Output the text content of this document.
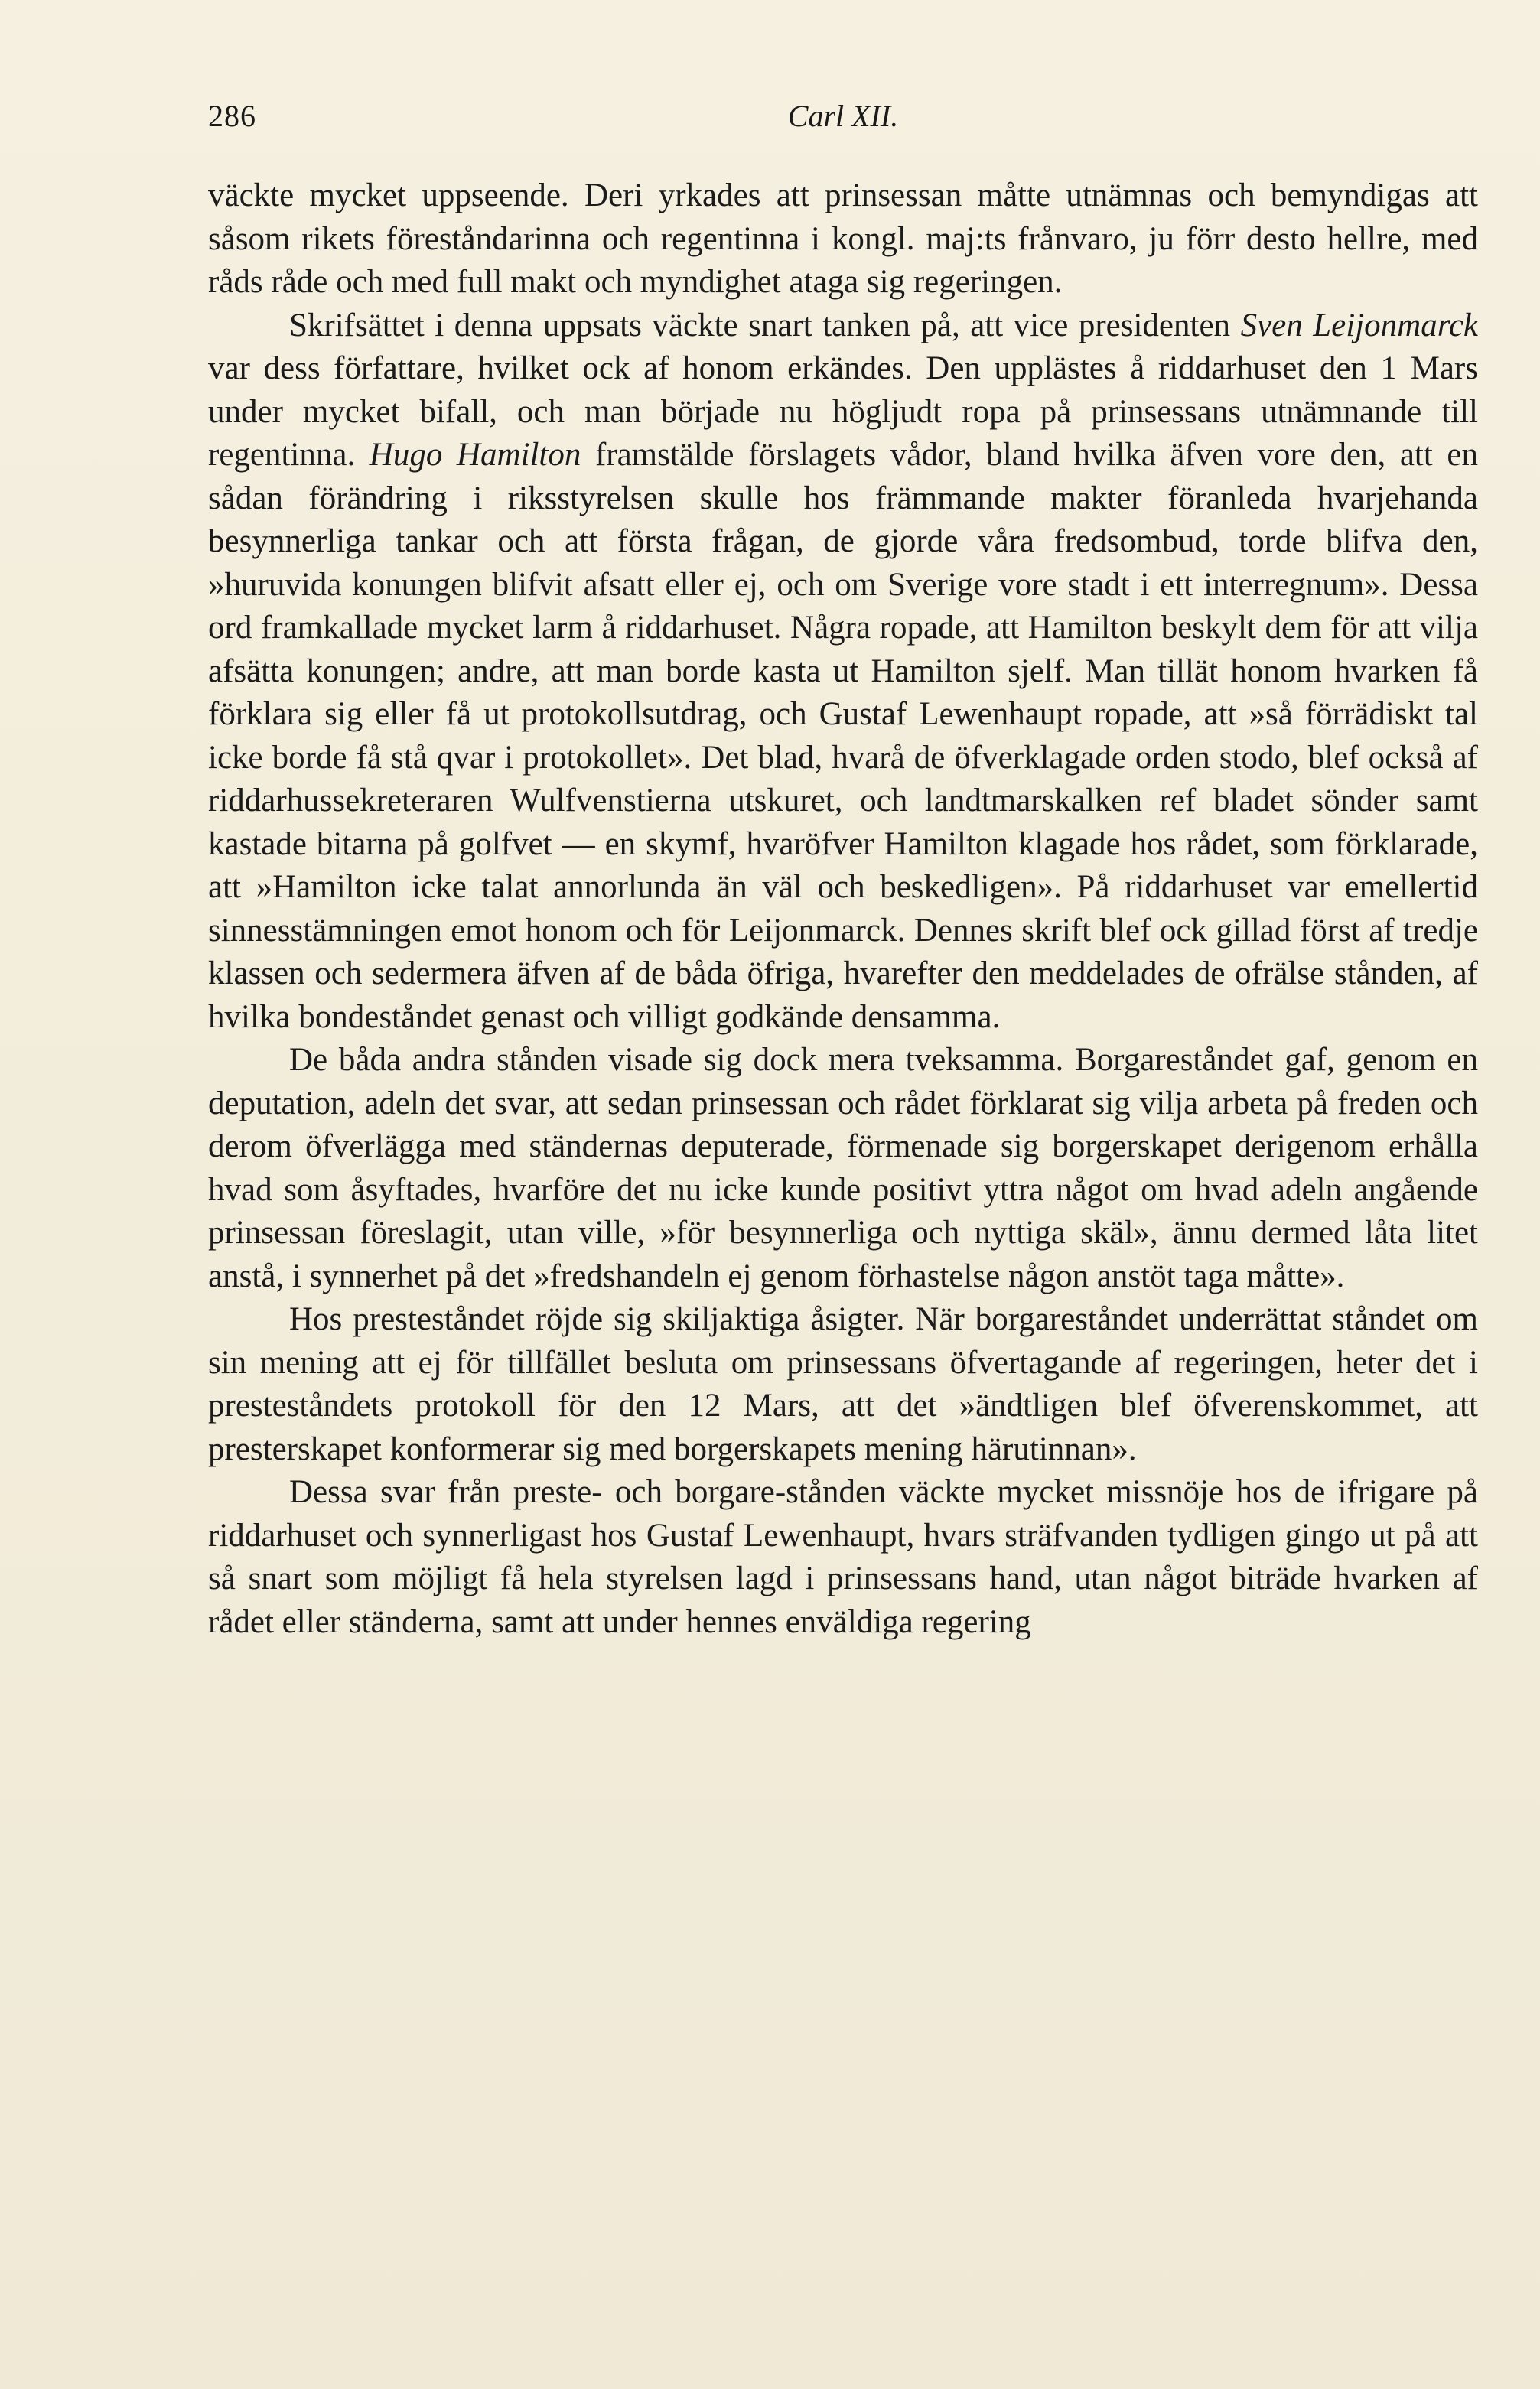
286	Carl XII.

väckte mycket uppseende. Deri yrkades att prinsessan måtte utnämnas och bemyndigas att såsom rikets föreståndarinna och regentinna i kongl. maj:ts frånvaro, ju förr desto hellre, med råds råde och med full makt och myndighet ataga sig regeringen.

Skrifsättet i denna uppsats väckte snart tanken på, att vice presidenten Sven Leijonmarck var dess författare, hvilket ock af honom erkändes. Den upplästes å riddarhuset den 1 Mars under mycket bifall, och man började nu högljudt ropa på prinsessans utnämnande till regentinna. Hugo Hamilton framstälde förslagets vådor, bland hvilka äfven vore den, att en sådan förändring i riksstyrelsen skulle hos främmande makter föranleda hvarjehanda besynnerliga tankar och att första frågan, de gjorde våra fredsombud, torde blifva den, »huruvida konungen blifvit afsatt eller ej, och om Sverige vore stadt i ett interregnum». Dessa ord framkallade mycket larm å riddarhuset. Några ropade, att Hamilton beskylt dem för att vilja afsätta konungen; andre, att man borde kasta ut Hamilton sjelf. Man tillät honom hvarken få förklara sig eller få ut protokollsutdrag, och Gustaf Lewenhaupt ropade, att »så förrädiskt tal icke borde få stå qvar i protokollet». Det blad, hvarå de öfverklagade orden stodo, blef också af riddarhussekreteraren Wulfvenstierna utskuret, och landtmarskalken ref bladet sönder samt kastade bitarna på golfvet — en skymf, hvaröfver Hamilton klagade hos rådet, som förklarade, att »Hamilton icke talat annorlunda än väl och beskedligen». På riddarhuset var emellertid sinnesstämningen emot honom och för Leijonmarck. Dennes skrift blef ock gillad först af tredje klassen och sedermera äfven af de båda öfriga, hvarefter den meddelades de ofrälse stånden, af hvilka bondeståndet genast och villigt godkände densamma.

De båda andra stånden visade sig dock mera tveksamma. Borgareståndet gaf, genom en deputation, adeln det svar, att sedan prinsessan och rådet förklarat sig vilja arbeta på freden och derom öfverlägga med ständernas deputerade, förmenade sig borgerskapet derigenom erhålla hvad som åsyftades, hvarföre det nu icke kunde positivt yttra något om hvad adeln angående prinsessan föreslagit, utan ville, »för besynnerliga och nyttiga skäl», ännu dermed låta litet anstå, i synnerhet på det »fredshandeln ej genom förhastelse någon anstöt taga måtte».

Hos presteståndet röjde sig skiljaktiga åsigter. När borgareståndet underrättat ståndet om sin mening att ej för tillfället besluta om prinsessans öfvertagande af regeringen, heter det i presteståndets protokoll för den 12 Mars, att det »ändtligen blef öfverenskommet, att presterskapet konformerar sig med borgerskapets mening härutinnan».

Dessa svar från preste- och borgare-stånden väckte mycket missnöje hos de ifrigare på riddarhuset och synnerligast hos Gustaf Lewenhaupt, hvars sträfvanden tydligen gingo ut på att så snart som möjligt få hela styrelsen lagd i prinsessans hand, utan något biträde hvarken af rådet eller ständerna, samt att under hennes enväldiga regering
